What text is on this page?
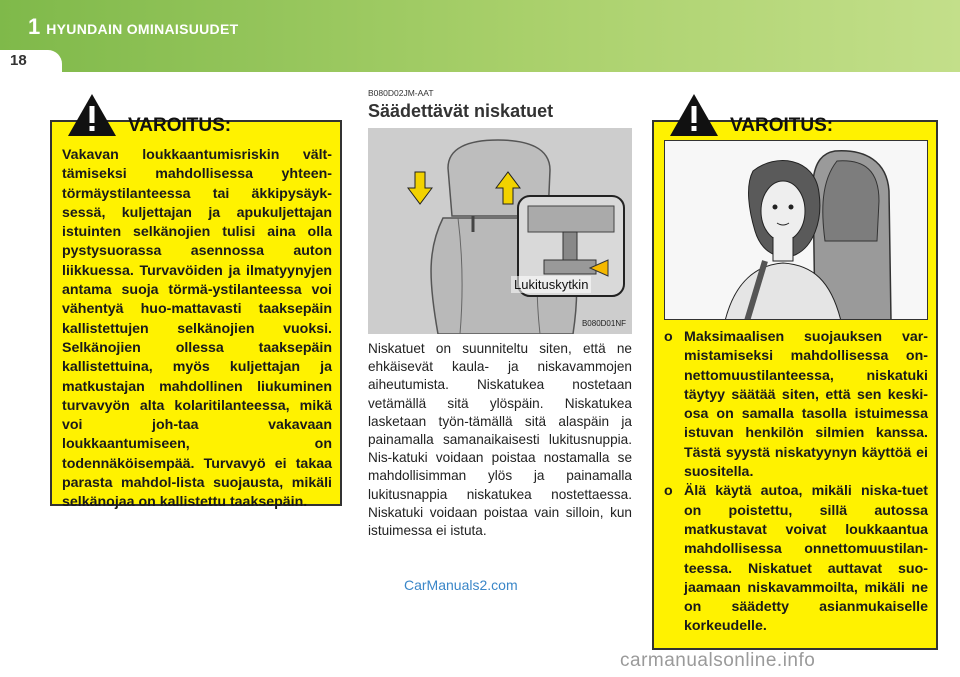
1 HYUNDAIN OMINAISUUDET
18
VAROITUS:
Vakavan loukkaantumisriskin vält-tämiseksi mahdollisessa yhteen-törmäystilanteessa tai äkkipysäyk-sessä, kuljettajan ja apukuljettajan istuinten selkänojien tulisi aina olla pystysuorassa asennossa auton liikkuessa. Turvavöiden ja ilmatyynyjen antama suoja törmä-ystilanteessa voi vähentyä huo-mattavasti taaksepäin kallistettujen selkänojien vuoksi. Selkänojien ollessa taaksepäin kallistettuina, myös kuljettajan ja matkustajan mahdollinen liukuminen turvavyön alta kolaritilanteessa, mikä voi joh-taa vakavaan loukkaantumiseen, on todennäköisempää. Turvavyö ei takaa parasta mahdol-lista suojausta, mikäli selkänojaa on kallistettu taaksepäin.
B080D02JM-AAT
Säädettävät niskatuet
Lukituskytkin
B080D01NF
Niskatuet on suunniteltu siten, että ne ehkäisevät kaula- ja niskavammojen aiheutumista. Niskatukea nostetaan vetämällä sitä ylöspäin. Niskatukea lasketaan työn-tämällä sitä alaspäin ja painamalla samanaikaisesti lukitusnuppia. Nis-katuki voidaan poistaa nostamalla se mahdollisimman ylös ja painamalla lukitusnappia niskatukea nostettaessa. Niskatuki voidaan poistaa vain silloin, kun istuimessa ei istuta.
VAROITUS:
o Maksimaalisen suojauksen var-mistamiseksi mahdollisessa on-nettomuustilanteessa, niskatuki täytyy säätää siten, että sen keski-osa on samalla tasolla istuimessa istuvan henkilön silmien kanssa. Tästä syystä niskatyynyn käyttöä ei suositella.
o Älä käytä autoa, mikäli niska-tuet on poistettu, sillä autossa matkustavat voivat loukkaantua mahdollisessa onnettomuustilan-teessa. Niskatuet auttavat suo-jaamaan niskavammoilta, mikäli ne on säädetty asianmukaiselle korkeudelle.
CarManuals2.com
carmanualsonline.info
